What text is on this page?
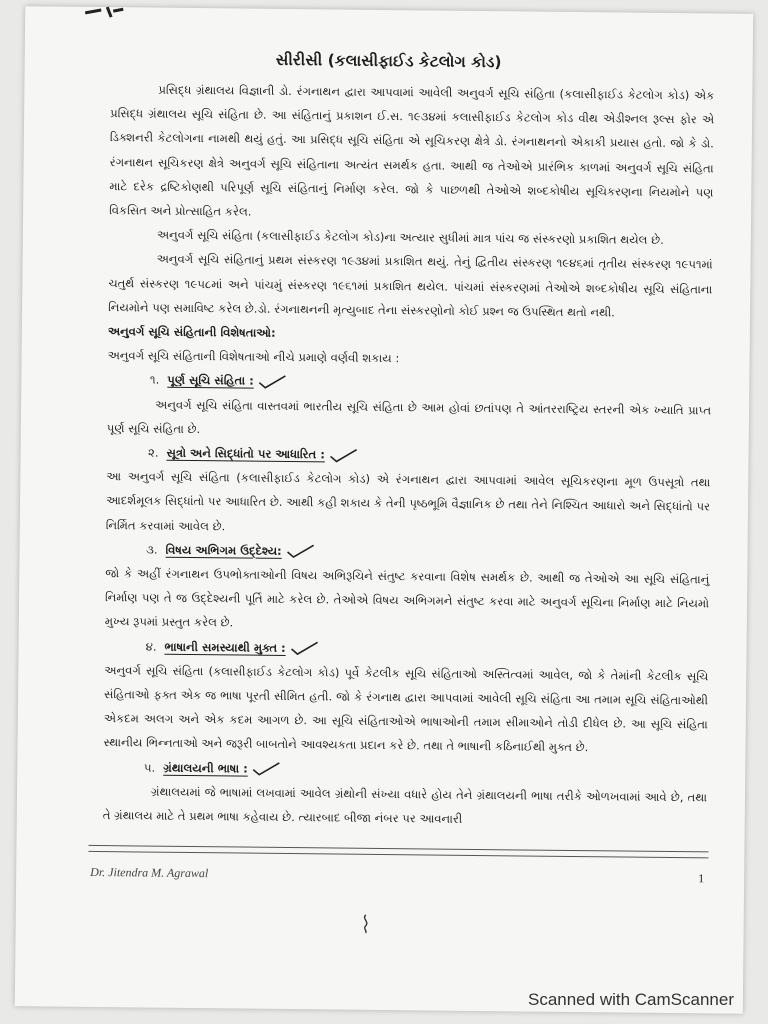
સીરીસી (કલાસીફાઈડ કેટલોગ કોડ)

પ્રસિદ્ધ ગ્રંથાલય વિજ્ઞાની ડો. રંગનાથન દ્વારા આપવામાં આવેલી અનુવર્ગ સૂચિ સંહિતા (કલાસીફાઈડ કેટલોગ કોડ) એક પ્રસિદ્ધ ગ્રંથાલય સૂચિ સંહિતા છે. આ સંહિતાનું પ્રકાશન ઈ.સ. ૧૯૩૪માં કલાસીફાઈડ કેટલોગ કોડ વીથ એડીશ્નલ રૂલ્સ ફોર એ ડિક્શનરી કેટલોગના નામથી થયું હતું. આ પ્રસિદ્ધ સૂચિ સંહિતા એ સૂચિકરણ ક્ષેત્રે ડો. રંગનાથનનો એકાકી પ્રયાસ હતો. જો કે ડો. રંગનાથન સૂચિકરણ ક્ષેત્રે અનુવર્ગ સૂચિ સંહિતાના અત્યંત સમર્થક હતા. આથી જ તેઓએ પ્રારંભિક કાળમાં અનુવર્ગ સૂચિ સંહિતા માટે દરેક દ્રષ્ટિકોણથી પરિપૂર્ણ સૂચિ સંહિતાનું નિર્માણ કરેલ. જો કે પાછળથી તેઓએ શબ્દકોષીય સૂચિકરણના નિયમોને પણ વિકસિત અને પ્રોત્સાહિત કરેલ.

અનુવર્ગ સૂચિ સંહિતા (કલાસીફાઈડ કેટલોગ કોડ)ના અત્યાર સુધીમાં માત્ર પાંચ જ સંસ્કરણો પ્રકાશિત થયેલ છે.

અનુવર્ગ સૂચિ સંહિતાનું પ્રથમ સંસ્કરણ ૧૯૩૪માં પ્રકાશિત થયું. તેનું દ્વિતીય સંસ્કરણ ૧૯૪૬માં તૃતીય સંસ્કરણ ૧૯૫૧માં ચતુર્થ સંસ્કરણ ૧૯૫૮માં અને પાંચમું સંસ્કરણ ૧૯૬૧માં પ્રકાશિત થયેલ. પાંચમાં સંસ્કરણમાં તેઓએ શબ્દકોષીય સૂચિ સંહિતાના નિયમોને પણ સમાવિષ્ટ કરેલ છે.ડો. રંગનાથનની મૃત્યુબાદ તેના સંસ્કરણોનો કોઈ પ્રશ્ન જ ઉપસ્થિત થતો નથી.

અનુવર્ગ સૂચિ સંહિતાની વિશેષતાઓ:

અનુવર્ગ સૂચિ સંહિતાની વિશેષતાઓ નીચે પ્રમાણે વર્ણવી શકાય :

૧. પૂર્ણ સૂચિ સંહિતા :

અનુવર્ગ સૂચિ સંહિતા વાસ્તવમાં ભારતીય સૂચિ સંહિતા છે આમ હોવાં છતાંપણ તે આંતરરાષ્ટ્રિય સ્તરની એક ખ્યાતિ પ્રાપ્ત પૂર્ણ સૂચિ સંહિતા છે.

૨. સૂત્રો અને સિદ્ધાંતો પર આધારિત :

આ અનુવર્ગ સૂચિ સંહિતા (કલાસીફાઈડ કેટલોગ કોડ) એ રંગનાથન દ્વારા આપવામાં આવેલ સૂચિકરણના મૂળ ઉપસૂત્રો તથા આદર્શમૂલક સિદ્ધાંતો પર આધારિત છે. આથી કહી શકાય કે તેની પૃષ્ઠભૂમિ વૈજ્ઞાનિક છે તથા તેને નિશ્ચિત આધારો અને સિદ્ધાંતો પર નિર્મિત કરવામાં આવેલ છે.

૩. વિષય અભિગમ ઉદ્દેશ્ય:

જો કે અહીં રંગનાથન ઉપભોક્તાઓની વિષય અભિરૂચિને સંતુષ્ટ કરવાના વિશેષ સમર્થક છે. આથી જ તેઓએ આ સૂચિ સંહિતાનું નિર્માણ પણ તે જ ઉદ્દેશ્યની પૂર્તિ માટે કરેલ છે. તેઓએ વિષય અભિગમને સંતુષ્ટ કરવા માટે અનુવર્ગ સૂચિના નિર્માણ માટે નિયમો મુખ્ય રૂપમાં પ્રસ્તુત કરેલ છે.

૪. ભાષાની સમસ્યાથી મુક્ત :

અનુવર્ગ સૂચિ સંહિતા (કલાસીફાઈડ કેટલોગ કોડ) પૂર્વે કેટલીક સૂચિ સંહિતાઓ અસ્તિત્વમાં આવેલ, જો કે તેમાંની કેટલીક સૂચિ સંહિતાઓ ફક્ત એક જ ભાષા પૂરતી સીમિત હતી. જો કે રંગનાથ દ્વારા આપવામાં આવેલી સૂચિ સંહિતા આ તમામ સૂચિ સંહિતાઓથી એકદમ અલગ અને એક કદમ આગળ છે. આ સૂચિ સંહિતાઓએ ભાષાઓની તમામ સીમાઓને તોડી દીધેલ છે. આ સૂચિ સંહિતા સ્થાનીય ભિન્નતાઓ અને જરૂરી બાબતોને આવશ્યકતા પ્રદાન કરે છે. તથા તે ભાષાની કઠિનાઈથી મુક્ત છે.

૫. ગ્રંથાલયની ભાષા :

ગ્રંથાલયમાં જે ભાષામાં લખવામાં આવેલ ગ્રંથોની સંખ્યા વધારે હોય તેને ગ્રંથાલયની ભાષા તરીકે ઓળખવામાં આવે છે, તથા તે ગ્રંથાલય માટે તે પ્રથમ ભાષા કહેવાય છે. ત્યારબાદ બીજા નંબર પર આવનારી

Dr. Jitendra M. Agrawal	1
Scanned with CamScanner
